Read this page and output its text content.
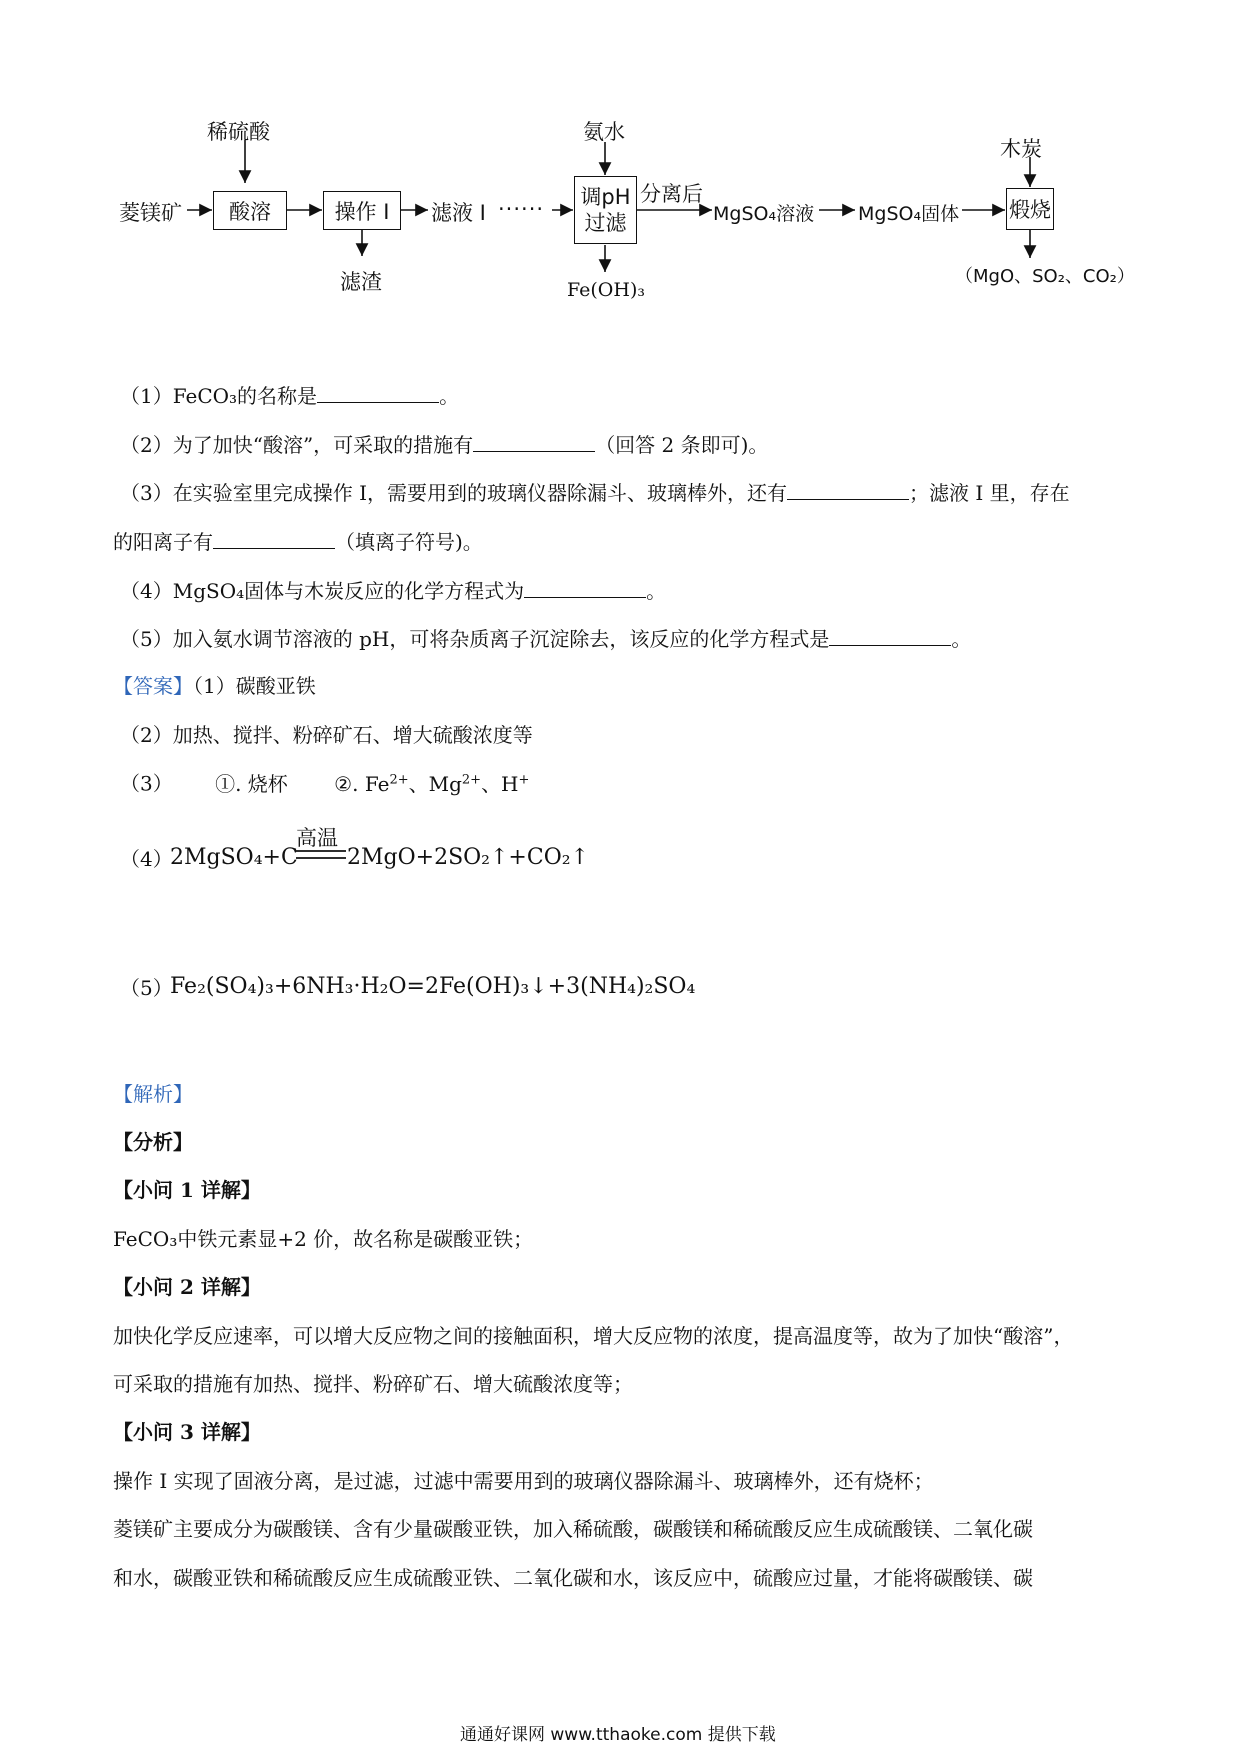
稀硫酸
菱镁矿 酸溶	操作 I
滤渣
滤液 I ······
氨水
调pH
过滤
Fe(OH)₃
分离后
MgSO₄溶液 MgSO₄固体
木炭
煅烧
（MgO、SO₂、CO₂）
（1）FeCO₃的名称是	。
（2）为了加快“酸溶”，可采取的措施有	（回答 2 条即可)。
（3）在实验室里完成操作 I，需要用到的玻璃仪器除漏斗、玻璃棒外，还有	；滤液 I 里，存在
的阳离子有	（填离子符号)。
（4）MgSO₄固体与木炭反应的化学方程式为	。
（5）加入氨水调节溶液的 pH，可将杂质离子沉淀除去，该反应的化学方程式是	。
【答案】（1）碳酸亚铁
（2）加热、搅拌、粉碎矿石、增大硫酸浓度等
（3） ①. 烧杯 ②. $Fe^{2+}$、$Mg^{2+}$、H+
（4）
2MgSO₄+C
高温
2MgO+2SO₂↑+CO₂↑
（5）
Fe₂(SO₄)₃+6NH₃·H₂O=2Fe(OH)₃↓+3(NH₄)₂SO₄
【解析】
【分析】
【小问 1 详解】
FeCO₃中铁元素显+2 价，故名称是碳酸亚铁；
【小问 2 详解】
加快化学反应速率，可以增大反应物之间的接触面积，增大反应物的浓度，提高温度等，故为了加快“酸溶”，
可采取的措施有加热、搅拌、粉碎矿石、增大硫酸浓度等；
【小问 3 详解】
操作 I 实现了固液分离，是过滤，过滤中需要用到的玻璃仪器除漏斗、玻璃棒外，还有烧杯；
菱镁矿主要成分为碳酸镁、含有少量碳酸亚铁，加入稀硫酸，碳酸镁和稀硫酸反应生成硫酸镁、二氧化碳
和水，碳酸亚铁和稀硫酸反应生成硫酸亚铁、二氧化碳和水，该反应中，硫酸应过量，才能将碳酸镁、碳
通通好课网 www.tthaoke.com 提供下载
